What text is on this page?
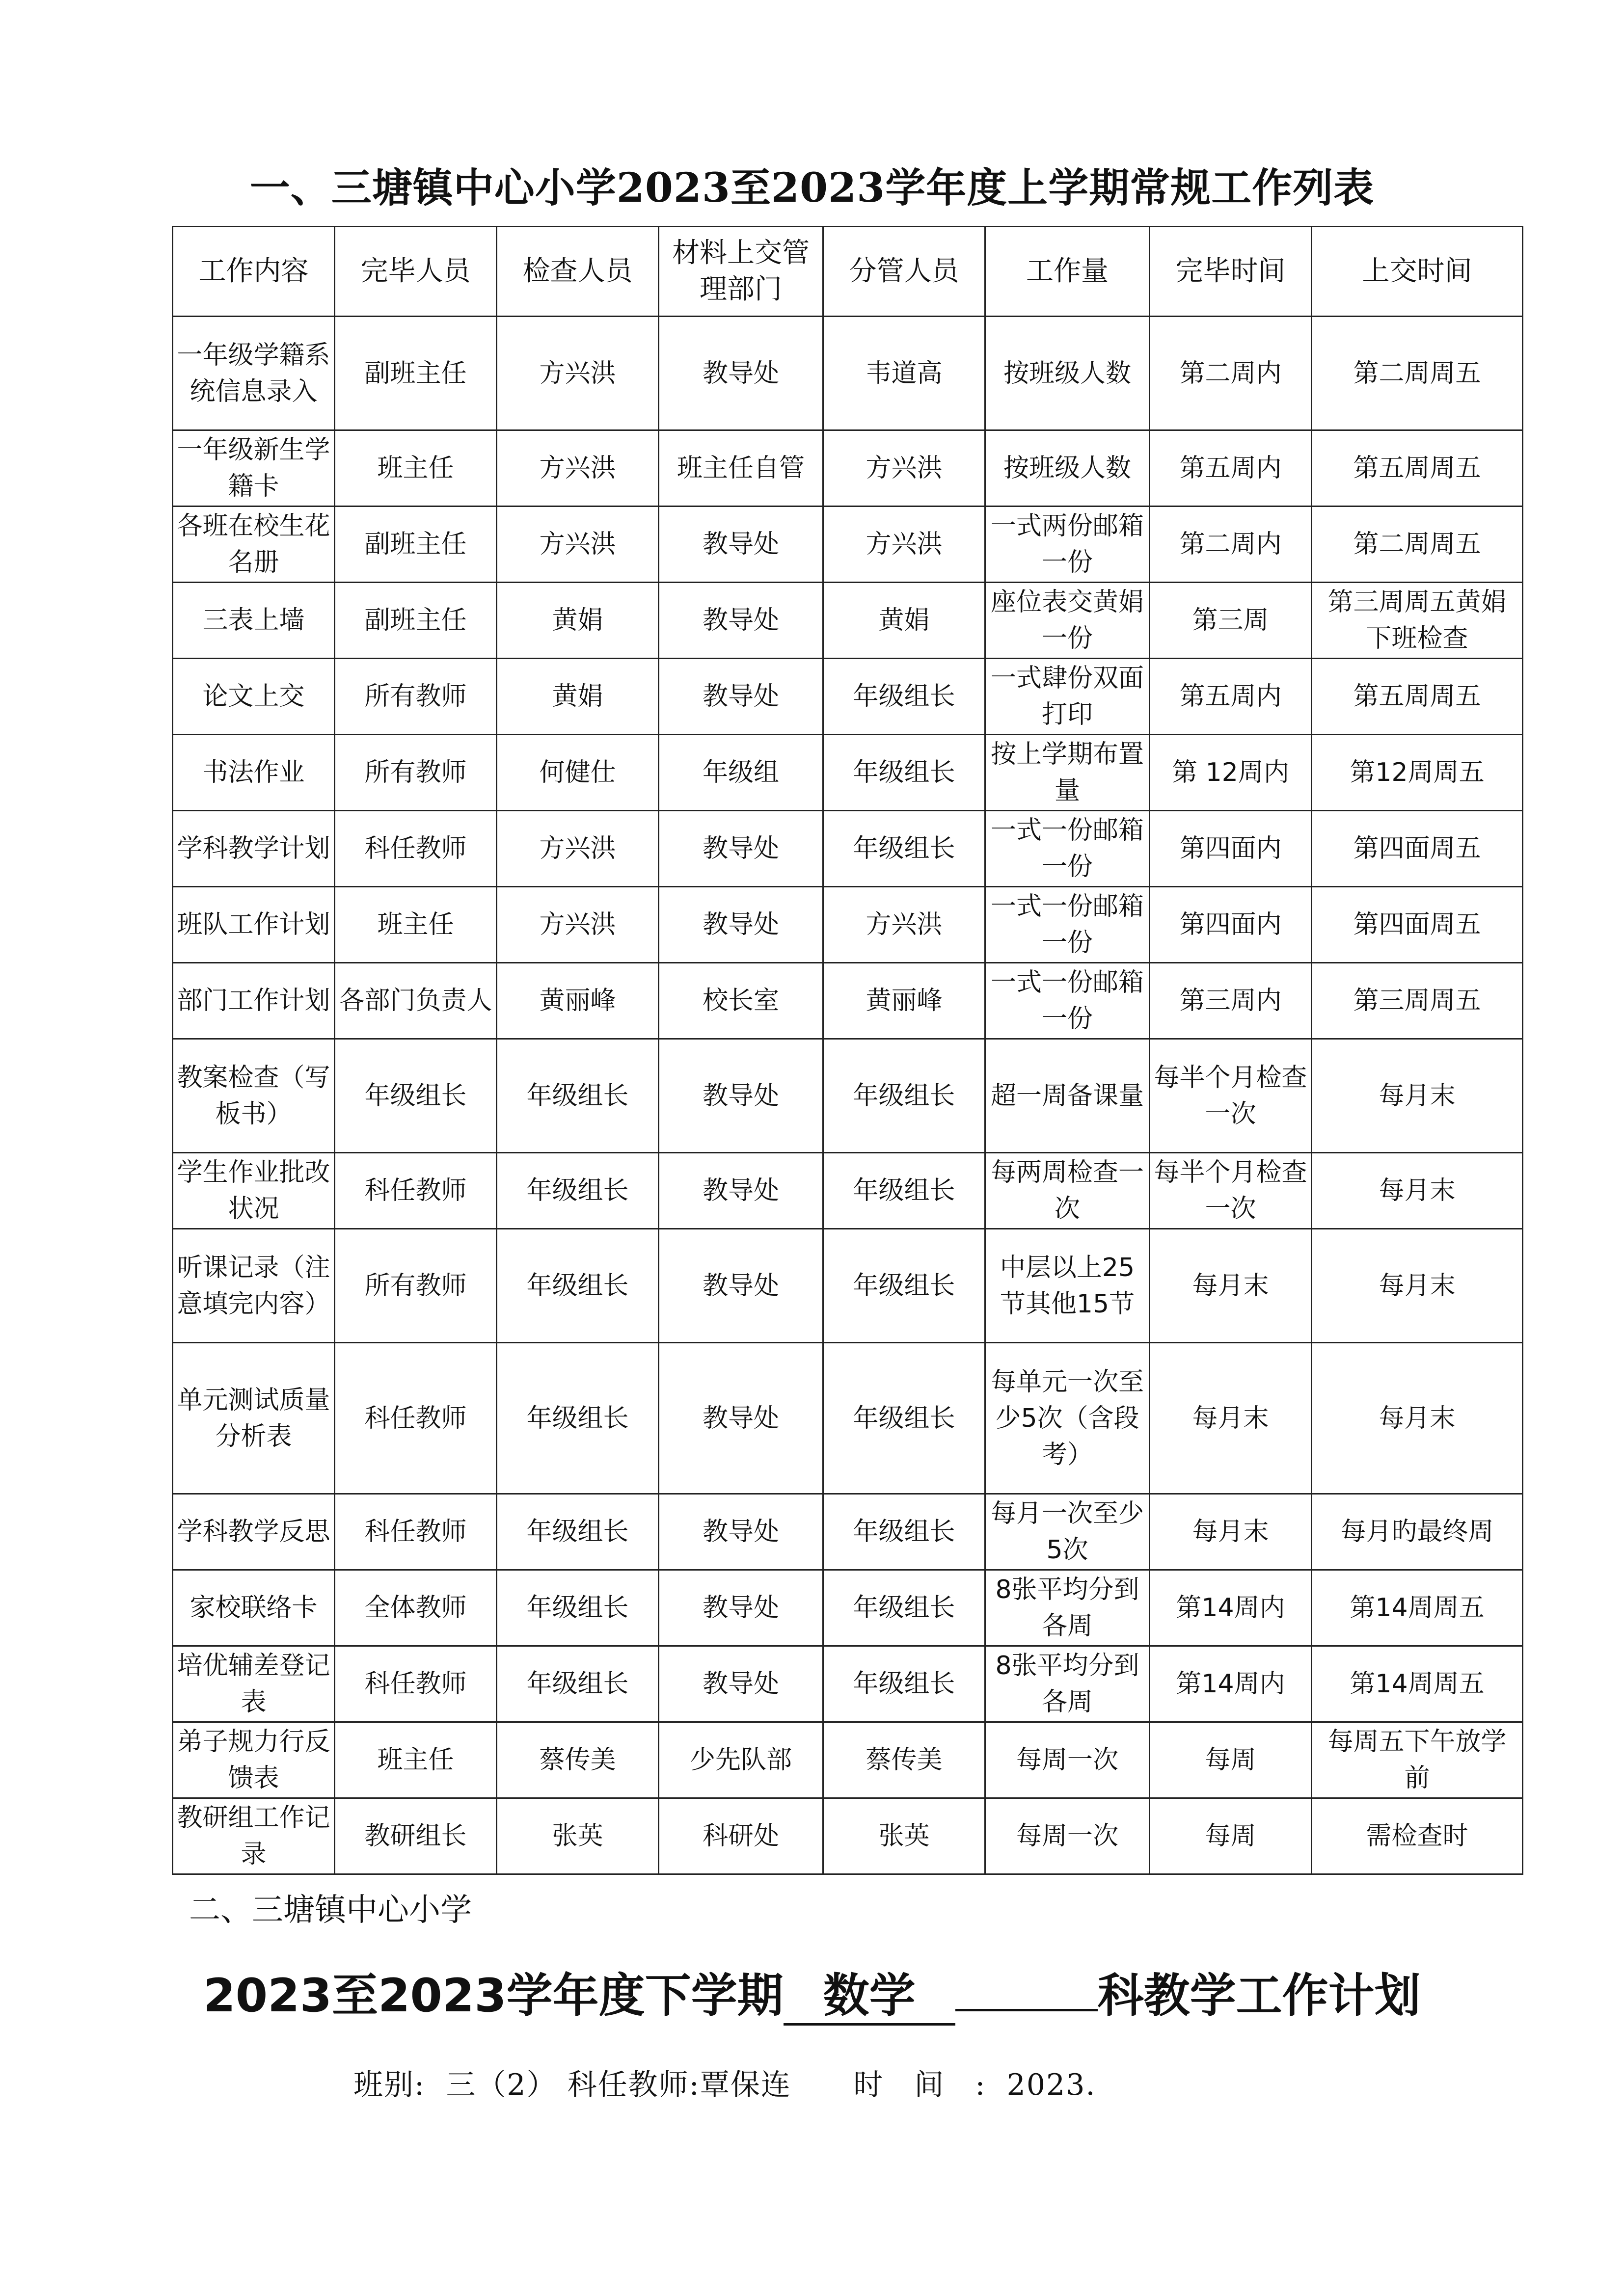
一、三塘镇中心小学2023至2023学年度上学期常规工作列表
工作内容	完毕人员	检查人员	材料上交管理部门	分管人员	工作量	完毕时间	上交时间
一年级学籍系统信息录入	副班主任	方兴洪	教导处	韦道高	按班级人数	第二周内	第二周周五
一年级新生学籍卡	班主任	方兴洪	班主任自管	方兴洪	按班级人数	第五周内	第五周周五
各班在校生花名册	副班主任	方兴洪	教导处	方兴洪	一式两份邮箱一份	第二周内	第二周周五
三表上墙	副班主任	黄娟	教导处	黄娟	座位表交黄娟一份	第三周	第三周周五黄娟下班检查
论文上交	所有教师	黄娟	教导处	年级组长	一式肆份双面打印	第五周内	第五周周五
书法作业	所有教师	何健仕	年级组	年级组长	按上学期布置量	第 12周内	第12周周五
学科教学计划	科任教师	方兴洪	教导处	年级组长	一式一份邮箱一份	第四面内	第四面周五
班队工作计划	班主任	方兴洪	教导处	方兴洪	一式一份邮箱一份	第四面内	第四面周五
部门工作计划	各部门负责人	黄丽峰	校长室	黄丽峰	一式一份邮箱一份	第三周内	第三周周五
教案检查（写板书）	年级组长	年级组长	教导处	年级组长	超一周备课量	每半个月检查一次	每月末
学生作业批改状况	科任教师	年级组长	教导处	年级组长	每两周检查一次	每半个月检查一次	每月末
听课记录（注意填完内容）	所有教师	年级组长	教导处	年级组长	中层以上25节其他15节	每月末	每月末
单元测试质量分析表	科任教师	年级组长	教导处	年级组长	每单元一次至少5次（含段考）	每月末	每月末
学科教学反思	科任教师	年级组长	教导处	年级组长	每月一次至少5次	每月末	每月旳最终周
家校联络卡	全体教师	年级组长	教导处	年级组长	8张平均分到各周	第14周内	第14周周五
培优辅差登记表	科任教师	年级组长	教导处	年级组长	8张平均分到各周	第14周内	第14周周五
弟子规力行反馈表	班主任	蔡传美	少先队部	蔡传美	每周一次	每周	每周五下午放学前
教研组工作记录	教研组长	张英	科研处	张英	每周一次	每周	需检查时
二、三塘镇中心小学
2023至2023学年度下学期 数学	科教学工作计划
班别: 三（2） 科任教师:覃保连 时　间　: 2023.
